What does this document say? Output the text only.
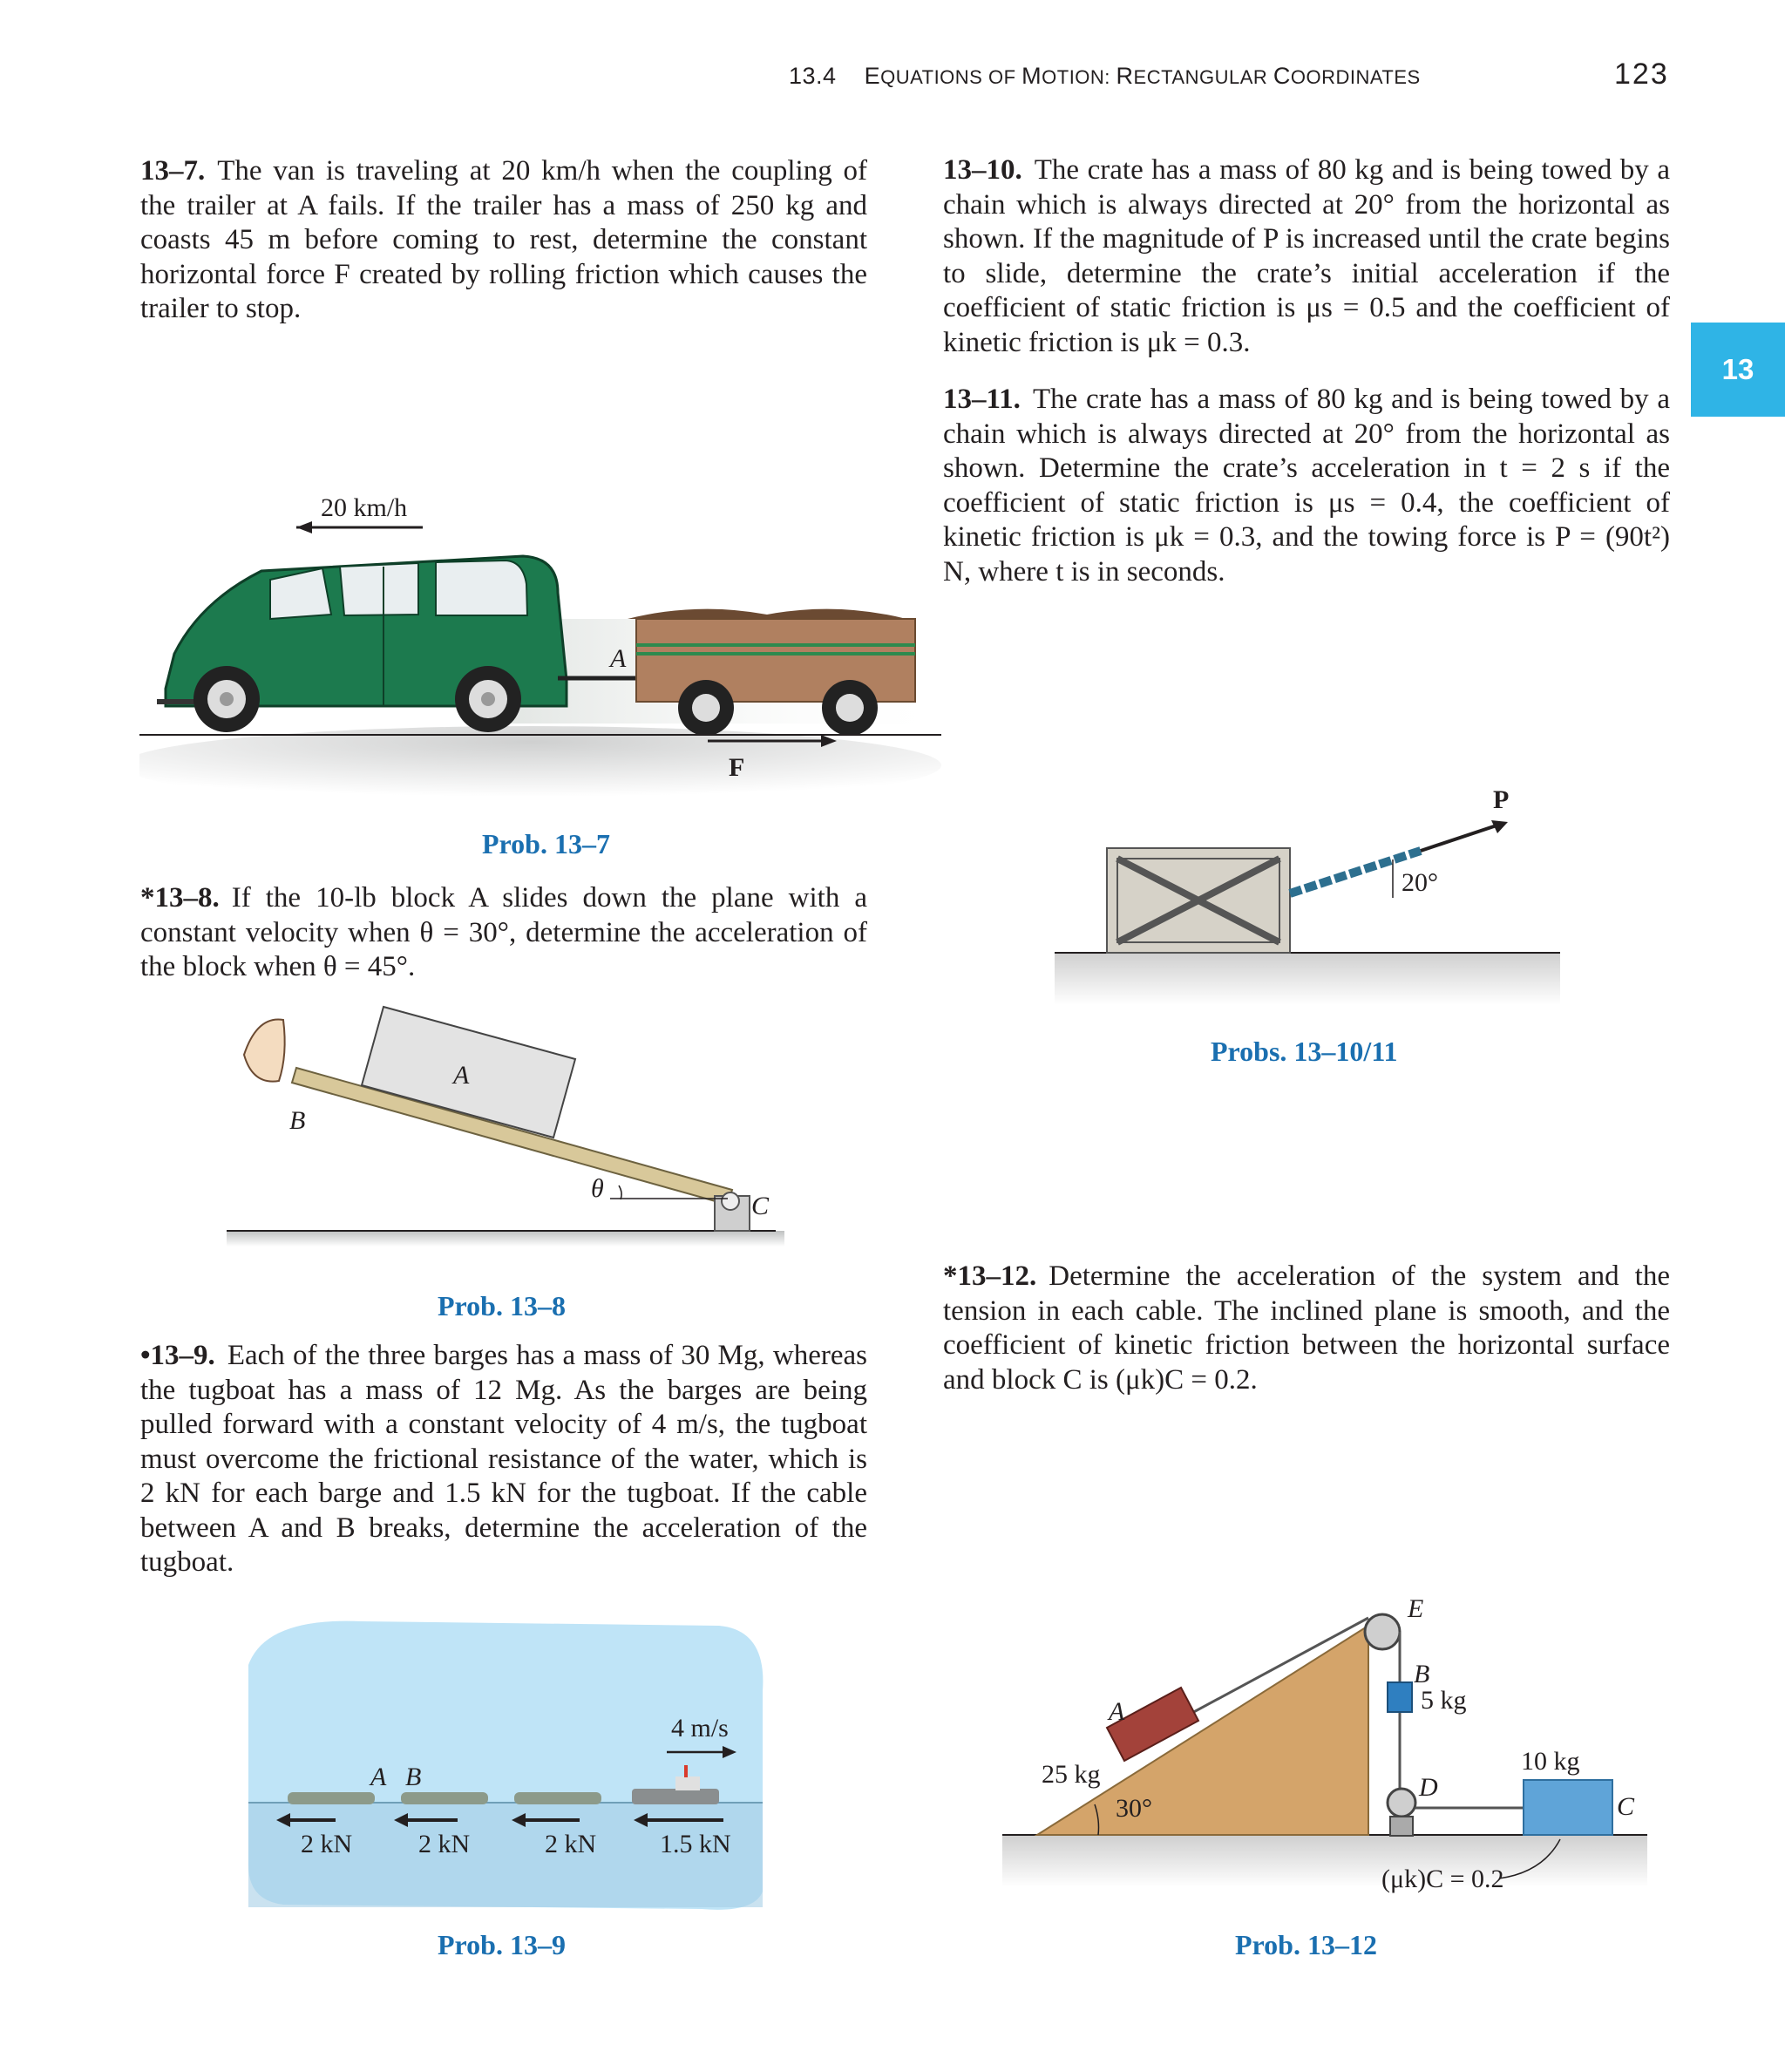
13.4 EQUATIONS OF MOTION: RECTANGULAR COORDINATES	123
13
13–7. The van is traveling at 20 km/h when the coupling of the trailer at A fails. If the trailer has a mass of 250 kg and coasts 45 m before coming to rest, determine the constant horizontal force F created by rolling friction which causes the trailer to stop.
20 km/h
A
F
Prob. 13–7
*13–8. If the 10-lb block A slides down the plane with a constant velocity when θ = 30°, determine the acceleration of the block when θ = 45°.
A
B
C
θ
Prob. 13–8
•13–9. Each of the three barges has a mass of 30 Mg, whereas the tugboat has a mass of 12 Mg. As the barges are being pulled forward with a constant velocity of 4 m/s, the tugboat must overcome the frictional resistance of the water, which is 2 kN for each barge and 1.5 kN for the tugboat. If the cable between A and B breaks, determine the acceleration of the tugboat.
4 m/s
A B
2 kN	2 kN	2 kN 1.5 kN
Prob. 13–9
13–10. The crate has a mass of 80 kg and is being towed by a chain which is always directed at 20° from the horizontal as shown. If the magnitude of P is increased until the crate begins to slide, determine the crate’s initial acceleration if the coefficient of static friction is μs = 0.5 and the coefficient of kinetic friction is μk = 0.3.
13–11. The crate has a mass of 80 kg and is being towed by a chain which is always directed at 20° from the horizontal as shown. Determine the crate’s acceleration in t = 2 s if the coefficient of static friction is μs = 0.4, the coefficient of kinetic friction is μk = 0.3, and the towing force is P = (90t²) N, where t is in seconds.
P
20°
Probs. 13–10/11
*13–12. Determine the acceleration of the system and the tension in each cable. The inclined plane is smooth, and the coefficient of kinetic friction between the horizontal surface and block C is (μk)C = 0.2.
E
A
25 kg
B
5 kg
D
10 kg
C
30°
(μk)C = 0.2
Prob. 13–12
